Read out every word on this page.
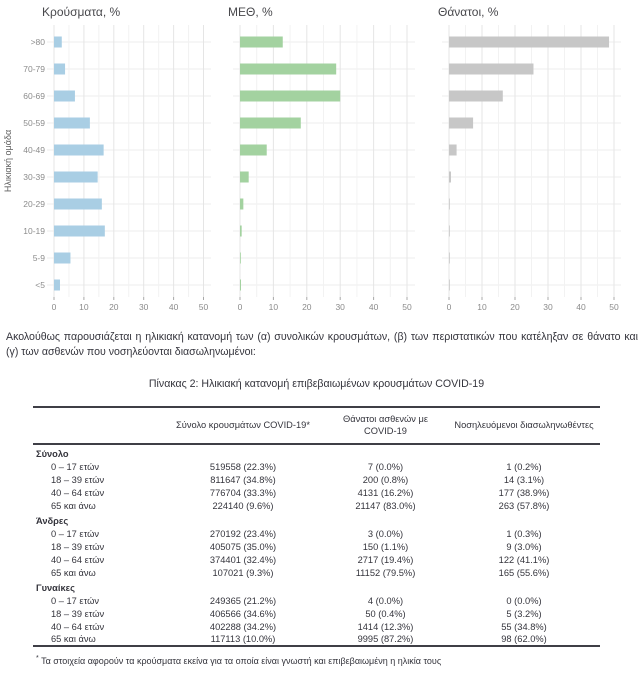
0	10 20 30 40 50
Κρούσματα, %
>80
70-79
60-69
50-59
40-49
30-39
20-29
10-19
5-9
<5
Ηλικιακή ομάδα
0	10	20	30	40	50
ΜΕΘ, %
0	10	20	30	40	50
Θάνατοι, %

Ακολούθως παρουσιάζεται η ηλικιακή κατανομή των (α) συνολικών κρουσμάτων, (β) των περιστατικών που κατέληξαν σε θάνατο και (γ) των ασθενών που νοσηλεύονται διασωληνωμένοι:

Πίνακας 2: Ηλικιακή κατανομή επιβεβαιωμένων κρουσμάτων COVID-19
	Σύνολο κρουσμάτων COVID-19*	Θάνατοι ασθενών με COVID-19	Νοσηλευόμενοι διασωληνωθέντες
Σύνολο			
0 – 17 ετών	519558 (22.3%)	7 (0.0%)	1 (0.2%)
18 – 39 ετών	811647 (34.8%)	200 (0.8%)	14 (3.1%)
40 – 64 ετών	776704 (33.3%)	4131 (16.2%)	177 (38.9%)
65 και άνω	224140 (9.6%)	21147 (83.0%)	263 (57.8%)
Άνδρες			
0 – 17 ετών	270192 (23.4%)	3 (0.0%)	1 (0.3%)
18 – 39 ετών	405075 (35.0%)	150 (1.1%)	9 (3.0%)
40 – 64 ετών	374401 (32.4%)	2717 (19.4%)	122 (41.1%)
65 και άνω	107021 (9.3%)	11152 (79.5%)	165 (55.6%)
Γυναίκες			
0 – 17 ετών	249365 (21.2%)	4 (0.0%)	0 (0.0%)
18 – 39 ετών	406566 (34.6%)	50 (0.4%)	5 (3.2%)
40 – 64 ετών	402288 (34.2%)	1414 (12.3%)	55 (34.8%)
65 και άνω	117113 (10.0%)	9995 (87.2%)	98 (62.0%)
* Τα στοιχεία αφορούν τα κρούσματα εκείνα για τα οποία είναι γνωστή και επιβεβαιωμένη η ηλικία τους
